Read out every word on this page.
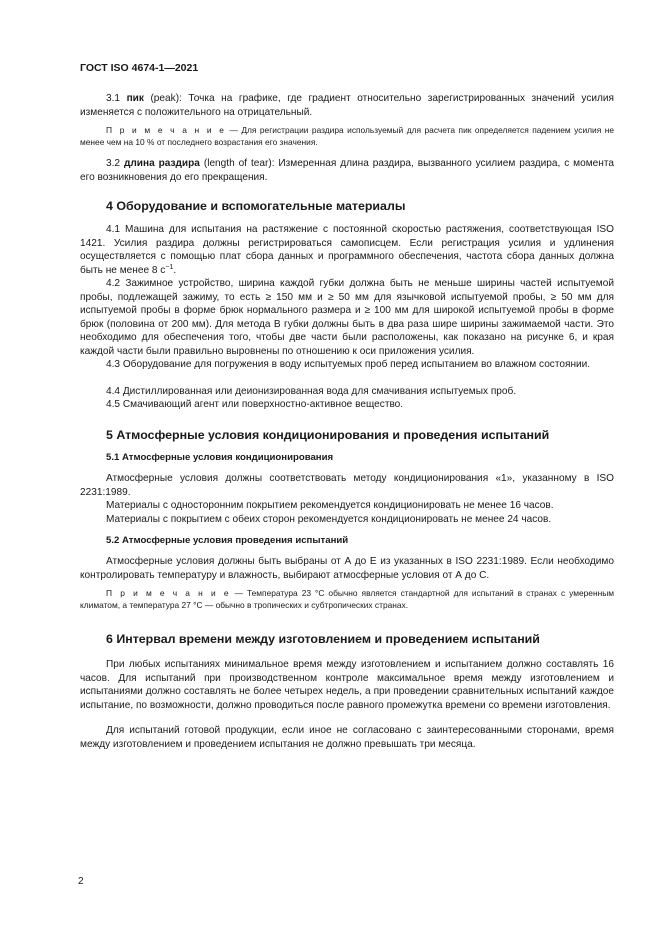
ГОСТ ISO 4674-1—2021

3.1 пик (peak): Точка на графике, где градиент относительно зарегистрированных значений усилия изменяется с положительного на отрицательный.

П р и м е ч а н и е — Для регистрации раздира используемый для расчета пик определяется падением усилия не менее чем на 10 % от последнего возрастания его значения.

3.2 длина раздира (length of tear): Измеренная длина раздира, вызванного усилием раздира, с момента его возникновения до его прекращения.

4 Оборудование и вспомогательные материалы

4.1 Машина для испытания на растяжение с постоянной скоростью растяжения, соответствующая ISO 1421. Усилия раздира должны регистрироваться самописцем. Если регистрация усилия и удлинения осуществляется с помощью плат сбора данных и программного обеспечения, частота сбора данных должна быть не менее 8 $с^{-1}$.

4.2 Зажимное устройство, ширина каждой губки должна быть не меньше ширины частей испытуемой пробы, подлежащей зажиму, то есть ≥ 150 мм и ≥ 50 мм для язычковой испытуемой пробы, ≥ 50 мм для испытуемой пробы в форме брюк нормального размера и ≥ 100 мм для широкой испытуемой пробы в форме брюк (половина от 200 мм). Для метода В губки должны быть в два раза шире ширины зажимаемой части. Это необходимо для обеспечения того, чтобы две части были расположены, как показано на рисунке 6, и края каждой части были правильно выровнены по отношению к оси приложения усилия.

4.3 Оборудование для погружения в воду испытуемых проб перед испытанием во влажном состоянии.

4.4 Дистиллированная или деионизированная вода для смачивания испытуемых проб.

4.5 Смачивающий агент или поверхностно-активное вещество.

5 Атмосферные условия кондиционирования и проведения испытаний
5.1 Атмосферные условия кондиционирования

Атмосферные условия должны соответствовать методу кондиционирования «1», указанному в ISO 2231:1989.

Материалы с односторонним покрытием рекомендуется кондиционировать не менее 16 часов.

Материалы с покрытием с обеих сторон рекомендуется кондиционировать не менее 24 часов.

5.2 Атмосферные условия проведения испытаний

Атмосферные условия должны быть выбраны от А до Е из указанных в ISO 2231:1989. Если необходимо контролировать температуру и влажность, выбирают атмосферные условия от А до С.

П р и м е ч а н и е — Температура 23 °С обычно является стандартной для испытаний в странах с умеренным климатом, а температура 27 °С — обычно в тропических и субтропических странах.

6 Интервал времени между изготовлением и проведением испытаний

При любых испытаниях минимальное время между изготовлением и испытанием должно составлять 16 часов. Для испытаний при производственном контроле максимальное время между изготовлением и испытаниями должно составлять не более четырех недель, а при проведении сравнительных испытаний каждое испытание, по возможности, должно проводиться после равного промежутка времени со времени изготовления.

Для испытаний готовой продукции, если иное не согласовано с заинтересованными сторонами, время между изготовлением и проведением испытания не должно превышать три месяца.

2
